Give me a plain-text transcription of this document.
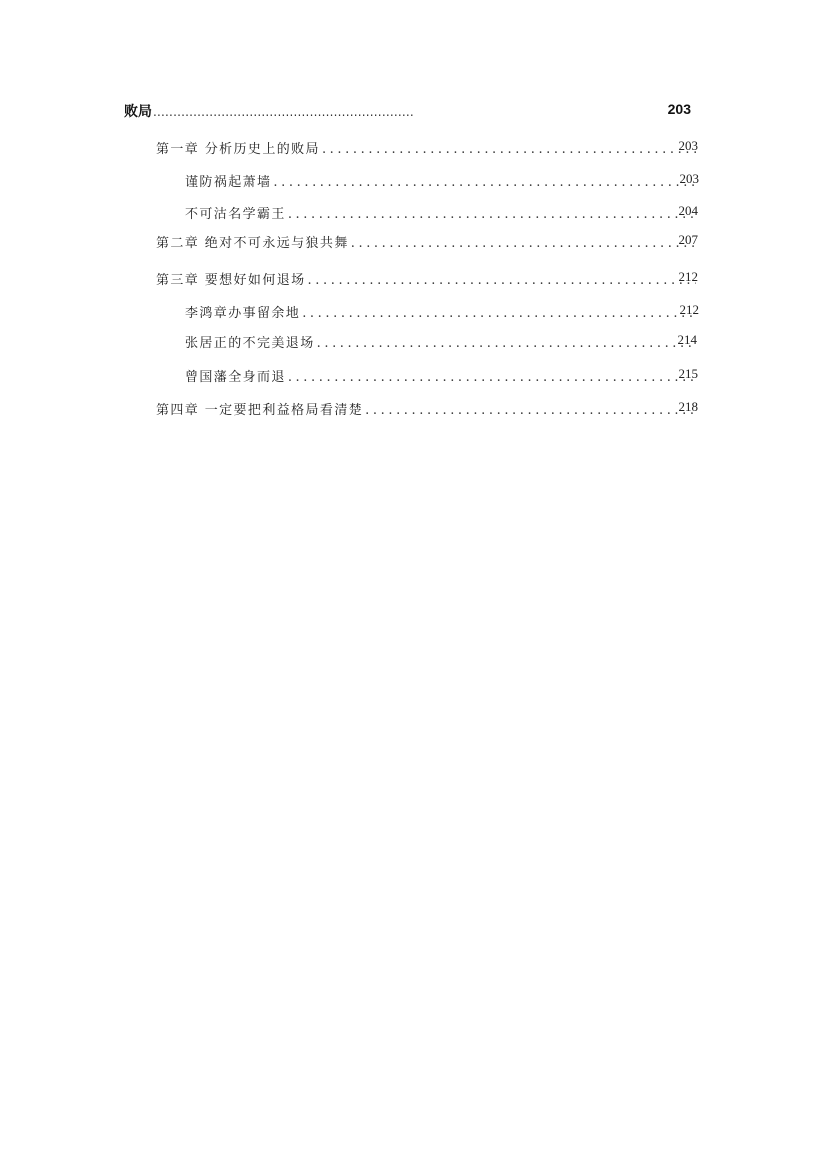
败局 .....	203
第一章 分析历史上的败局 .....	203
谨防祸起萧墙 .....	203
不可沽名学霸王 .....	204
第二章 绝对不可永远与狼共舞 .....	207
第三章 要想好如何退场 .....	212
李鸿章办事留余地 .....	212
张居正的不完美退场 .....	214
曾国藩全身而退 .....	215
第四章 一定要把利益格局看清楚 .....	218
